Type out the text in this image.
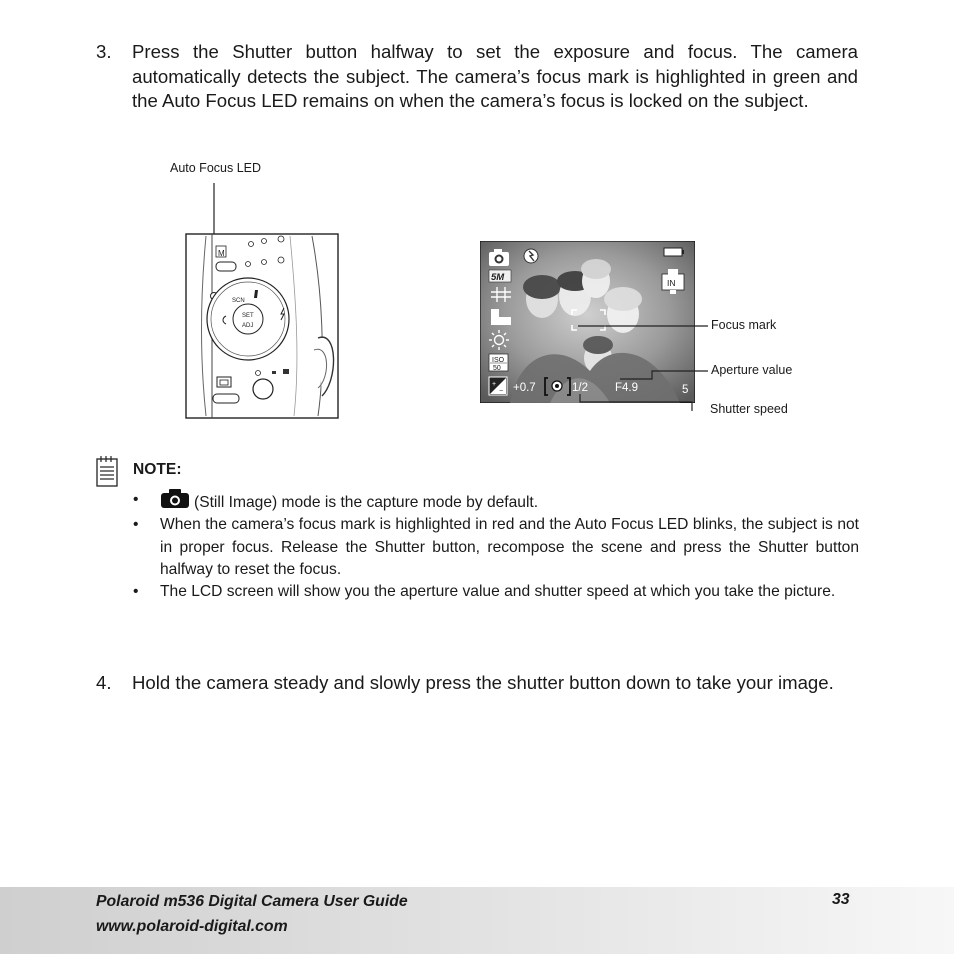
3. Press the Shutter button halfway to set the exposure and focus. The camera automatically detects the subject. The camera’s focus mark is highlighted in green and the Auto Focus LED remains on when the camera’s focus is locked on the subject.
Auto Focus LED
Focus mark
Aperture value
Shutter speed
M
SCN
SET
ADJ
5M
ISO
50
+
−
IN
+0.7	1/2 F4.9	5
NOTE:
•	(Still Image) mode is the capture mode by default.
• When the camera’s focus mark is highlighted in red and the Auto Focus LED blinks, the subject is not in proper focus. Release the Shutter button, recompose the scene and press the Shutter button halfway to reset the focus.
• The LCD screen will show you the aperture value and shutter speed at which you take the picture.
4. Hold the camera steady and slowly press the shutter button down to take your image.
Polaroid m536 Digital Camera User Guide
www.polaroid-digital.com
33
